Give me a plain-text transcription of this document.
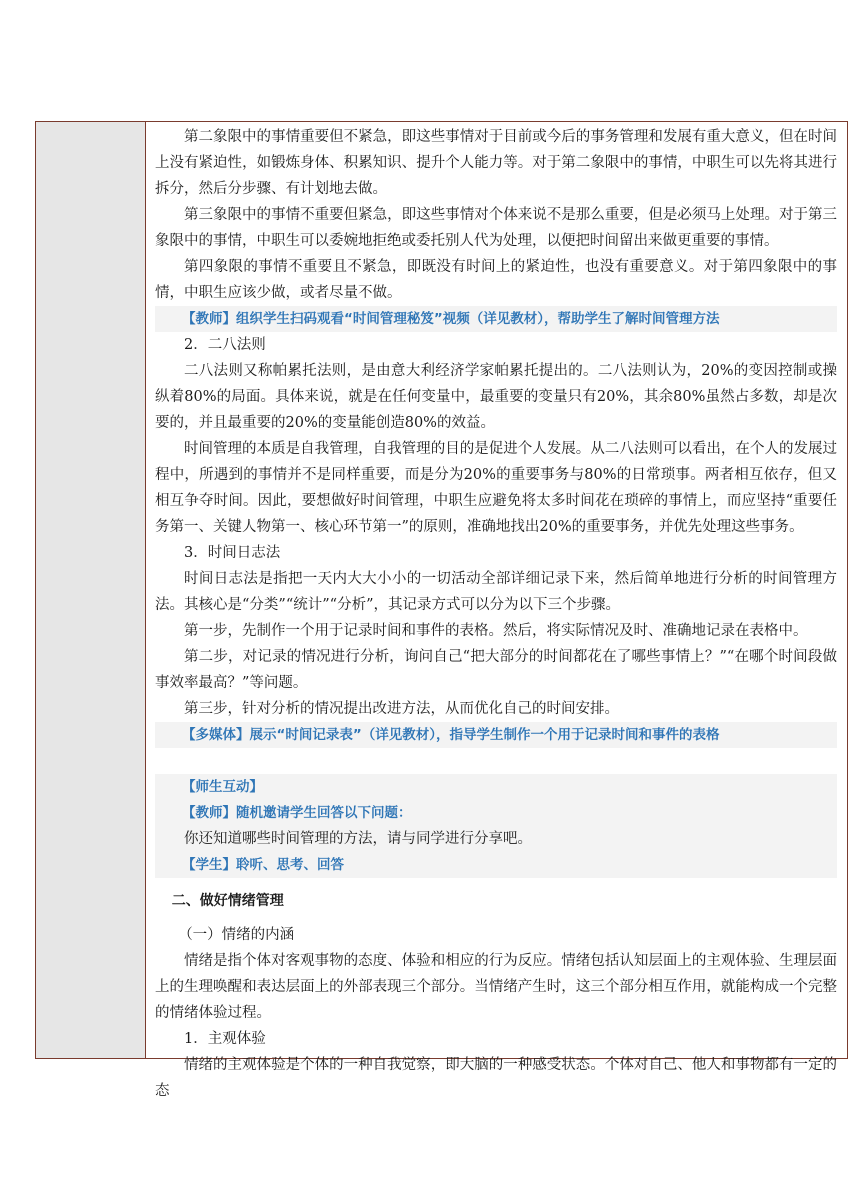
第二象限中的事情重要但不紧急，即这些事情对于目前或今后的事务管理和发展有重大意义，但在时间上没有紧迫性，如锻炼身体、积累知识、提升个人能力等。对于第二象限中的事情，中职生可以先将其进行拆分，然后分步骤、有计划地去做。

第三象限中的事情不重要但紧急，即这些事情对个体来说不是那么重要，但是必须马上处理。对于第三象限中的事情，中职生可以委婉地拒绝或委托别人代为处理，以便把时间留出来做更重要的事情。

第四象限的事情不重要且不紧急，即既没有时间上的紧迫性，也没有重要意义。对于第四象限中的事情，中职生应该少做，或者尽量不做。

【教师】组织学生扫码观看“时间管理秘笈”视频（详见教材），帮助学生了解时间管理方法

2．二八法则

二八法则又称帕累托法则，是由意大利经济学家帕累托提出的。二八法则认为，20%的变因控制或操纵着80%的局面。具体来说，就是在任何变量中，最重要的变量只有20%，其余80%虽然占多数，却是次要的，并且最重要的20%的变量能创造80%的效益。

时间管理的本质是自我管理，自我管理的目的是促进个人发展。从二八法则可以看出，在个人的发展过程中，所遇到的事情并不是同样重要，而是分为20%的重要事务与80%的日常琐事。两者相互依存，但又相互争夺时间。因此，要想做好时间管理，中职生应避免将太多时间花在琐碎的事情上，而应坚持“重要任务第一、关键人物第一、核心环节第一”的原则，准确地找出20%的重要事务，并优先处理这些事务。

3．时间日志法

时间日志法是指把一天内大大小小的一切活动全部详细记录下来，然后简单地进行分析的时间管理方法。其核心是“分类”“统计”“分析”，其记录方式可以分为以下三个步骤。

第一步，先制作一个用于记录时间和事件的表格。然后，将实际情况及时、准确地记录在表格中。

第二步，对记录的情况进行分析，询问自己“把大部分的时间都花在了哪些事情上？”“在哪个时间段做事效率最高？”等问题。

第三步，针对分析的情况提出改进方法，从而优化自己的时间安排。

【多媒体】展示“时间记录表”（详见教材），指导学生制作一个用于记录时间和事件的表格

【师生互动】

【教师】随机邀请学生回答以下问题：

你还知道哪些时间管理的方法，请与同学进行分享吧。

【学生】聆听、思考、回答

二、做好情绪管理

（一）情绪的内涵

情绪是指个体对客观事物的态度、体验和相应的行为反应。情绪包括认知层面上的主观体验、生理层面上的生理唤醒和表达层面上的外部表现三个部分。当情绪产生时，这三个部分相互作用，就能构成一个完整的情绪体验过程。

1．主观体验

情绪的主观体验是个体的一种自我觉察，即大脑的一种感受状态。个体对自己、他人和事物都有一定的态
